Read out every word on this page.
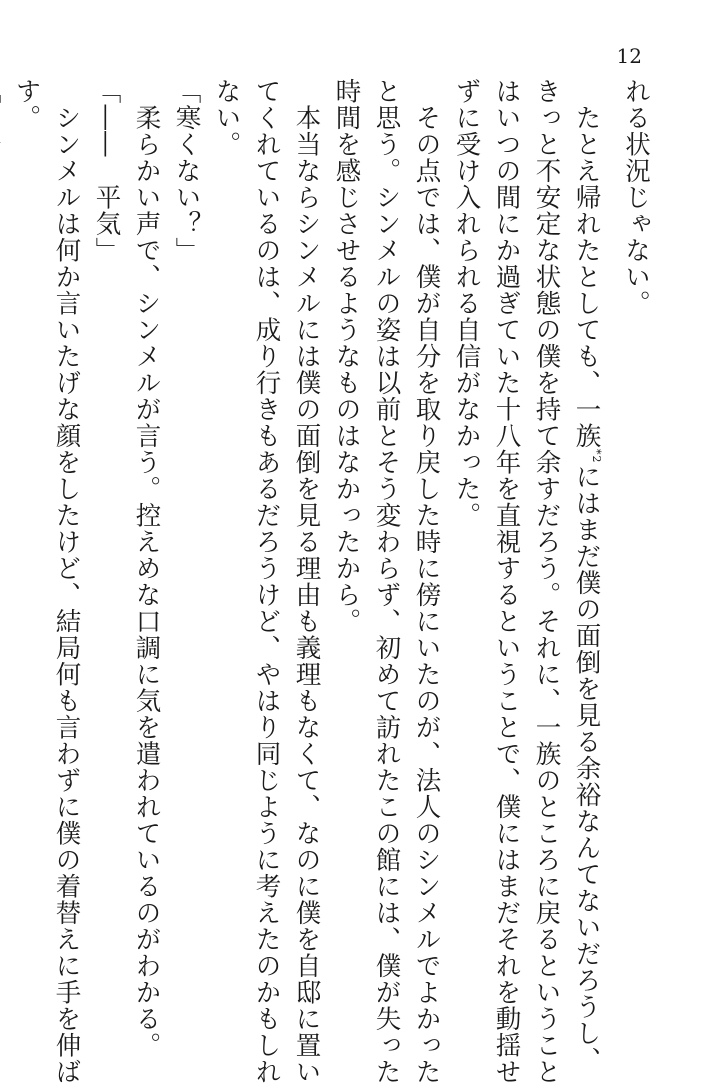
12
れる状況じゃない。
　たとえ帰れたとしても、一族$^{*2}$にはまだ僕の面倒を見る余裕なんてないだろうし、
きっと不安定な状態の僕を持て余すだろう。それに、一族のところに戻るということ
はいつの間にか過ぎていた十八年を直視するということで、僕にはまだそれを動揺せ
ずに受け入れられる自信がなかった。
　その点では、僕が自分を取り戻した時に傍にいたのが、法人のシンメルでよかった
と思う。シンメルの姿は以前とそう変わらず、初めて訪れたこの館には、僕が失った
時間を感じさせるようなものはなかったから。
　本当ならシンメルには僕の面倒を見る理由も義理もなくて、なのに僕を自邸に置い
てくれているのは、成り行きもあるだろうけど、やはり同じように考えたのかもしれ
ない。
「寒くない？」
　柔らかい声で、シンメルが言う。控えめな口調に気を遣われているのがわかる。
「――　平気」
　シンメルは何か言いたげな顔をしたけど、結局何も言わずに僕の着替えに手を伸ば
す。
